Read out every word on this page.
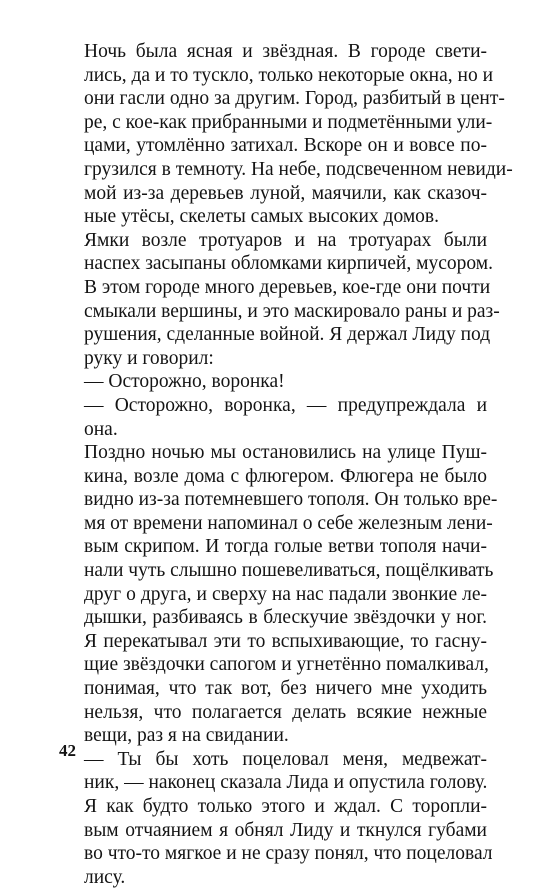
Ночь была ясная и звёздная. В городе свети-
лись, да и то тускло, только некоторые окна, но и
они гасли одно за другим. Город, разбитый в цент-
ре, с кое-как прибранными и подметёнными ули-
цами, утомлённо затихал. Вскоре он и вовсе по-
грузился в темноту. На небе, подсвеченном невиди-
мой из-за деревьев луной, маячили, как сказоч-
ные утёсы, скелеты самых высоких домов.

Ямки возле тротуаров и на тротуарах были
наспех засыпаны обломками кирпичей, мусором.
В этом городе много деревьев, кое-где они почти
смыкали вершины, и это маскировало раны и раз-
рушения, сделанные войной. Я держал Лиду под
руку и говорил:

— Осторожно, воронка!

— Осторожно, воронка, — предупреждала и
она.

Поздно ночью мы остановились на улице Пуш-
кина, возле дома с флюгером. Флюгера не было
видно из-за потемневшего тополя. Он только вре-
мя от времени напоминал о себе железным лени-
вым скрипом. И тогда голые ветви тополя начи-
нали чуть слышно пошевеливаться, пощёлкивать
друг о друга, и сверху на нас падали звонкие ле-
дышки, разбиваясь в блескучие звёздочки у ног.
Я перекатывал эти то вспыхивающие, то гасну-
щие звёздочки сапогом и угнетённо помалкивал,
понимая, что так вот, без ничего мне уходить
нельзя, что полагается делать всякие нежные
вещи, раз я на свидании.

— Ты бы хоть поцеловал меня, медвежат-
ник, — наконец сказала Лида и опустила голову.

Я как будто только этого и ждал. С торопли-
вым отчаянием я обнял Лиду и ткнулся губами
во что-то мягкое и не сразу понял, что поцеловал
лису.

42
